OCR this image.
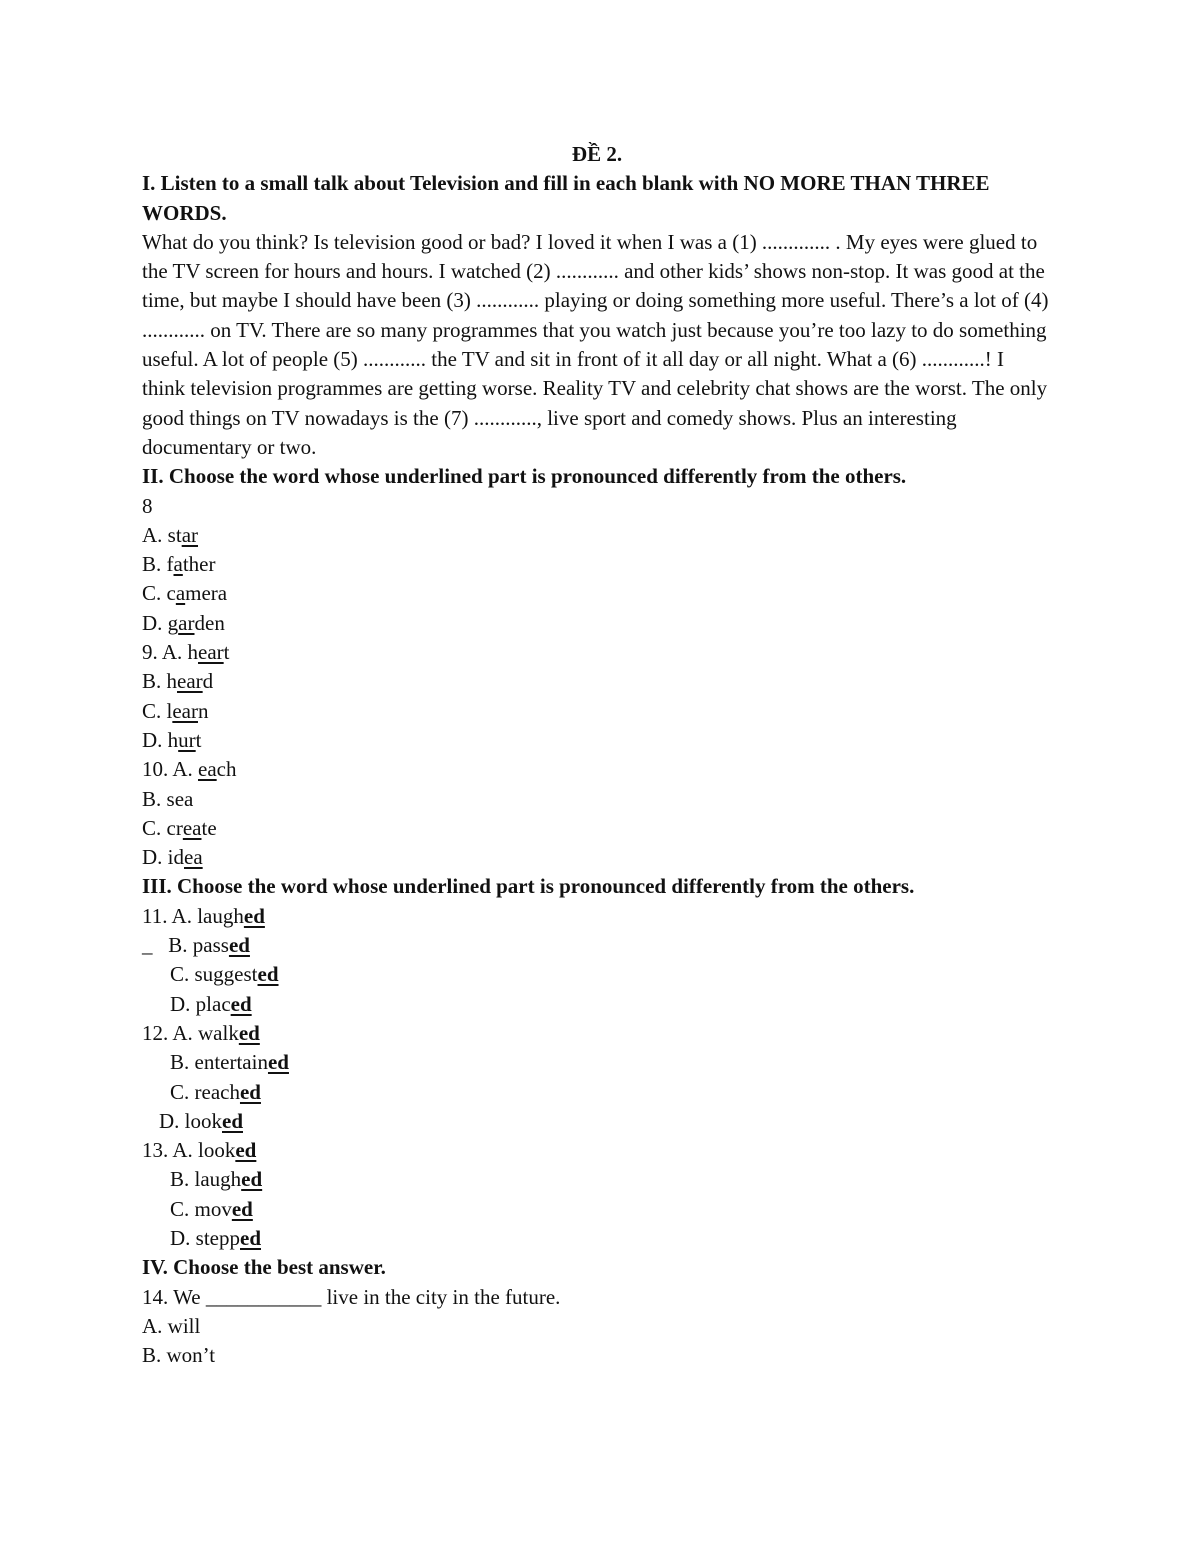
ĐỀ 2.

I. Listen to a small talk about Television and fill in each blank with NO MORE THAN THREE WORDS.

What do you think? Is television good or bad? I loved it when I was a (1) ............. . My eyes were glued to the TV screen for hours and hours. I watched (2) ............ and other kids’ shows non-stop. It was good at the time, but maybe I should have been (3) ............ playing or doing something more useful. There’s a lot of (4) ............ on TV. There are so many programmes that you watch just because you’re too lazy to do something useful. A lot of people (5) ............ the TV and sit in front of it all day or all night. What a (6) ............! I think television programmes are getting worse. Reality TV and celebrity chat shows are the worst. The only good things on TV nowadays is the (7) ............, live sport and comedy shows. Plus an interesting documentary or two.

II. Choose the word whose underlined part is pronounced differently from the others.

8

A. star

B. father

C. camera

D. garden

9. A. heart

B. heard

C. learn

D. hurt

10. A. each

B. sea

C. create

D. idea

III. Choose the word whose underlined part is pronounced differently from the others.

11. A. laughed

_ B. passed

C. suggested

D. placed

12. A. walked

B. entertained

C. reached

D. looked

13. A. looked

B. laughed

C. moved

D. stepped

IV. Choose the best answer.

14. We ___________ live in the city in the future.

A. will

B. won’t
